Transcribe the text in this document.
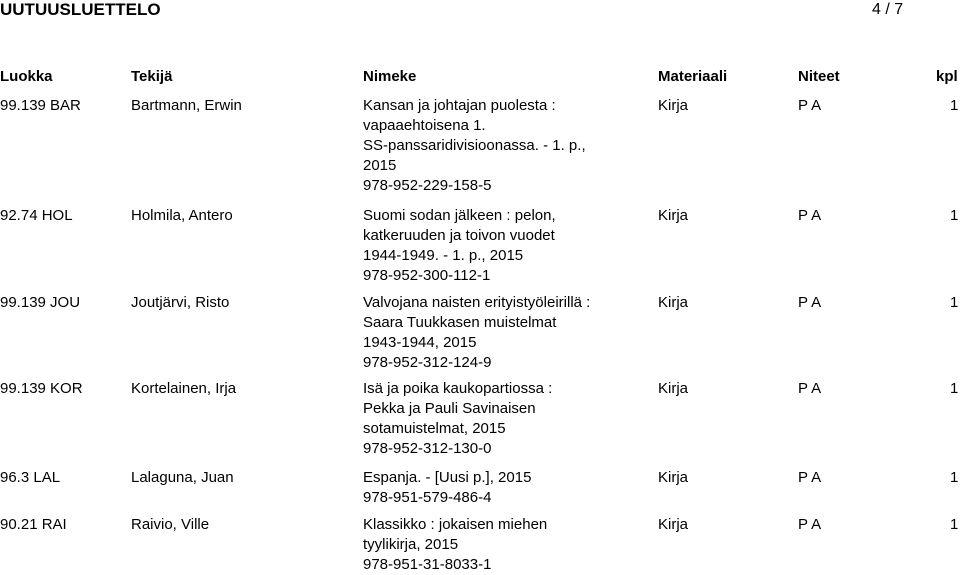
UUTUUSLUETTELO	4 / 7
Luokka	Tekijä	Nimeke	Materiaali	Niteet	kpl
99.139 BAR	Bartmann, Erwin	Kansan ja johtajan puolesta :
vapaaehtoisena 1.
SS-panssaridivisioonassa. - 1. p.,
2015
978-952-229-158-5
Kirja	P A	1
92.74 HOL	Holmila, Antero	Suomi sodan jälkeen : pelon,
katkeruuden ja toivon vuodet
1944-1949. - 1. p., 2015
978-952-300-112-1
Kirja	P A	1
99.139 JOU	Joutjärvi, Risto	Valvojana naisten erityistyöleirillä :
Saara Tuukkasen muistelmat
1943-1944, 2015
978-952-312-124-9
Kirja	P A	1
99.139 KOR	Kortelainen, Irja	Isä ja poika kaukopartiossa :
Pekka ja Pauli Savinaisen
sotamuistelmat, 2015
978-952-312-130-0
Kirja	P A	1
96.3 LAL	Lalaguna, Juan	Espanja. - [Uusi p.], 2015
978-951-579-486-4
Kirja	P A	1
90.21 RAI	Raivio, Ville	Klassikko : jokaisen miehen
tyylikirja, 2015
978-951-31-8033-1
Kirja	P A	1
